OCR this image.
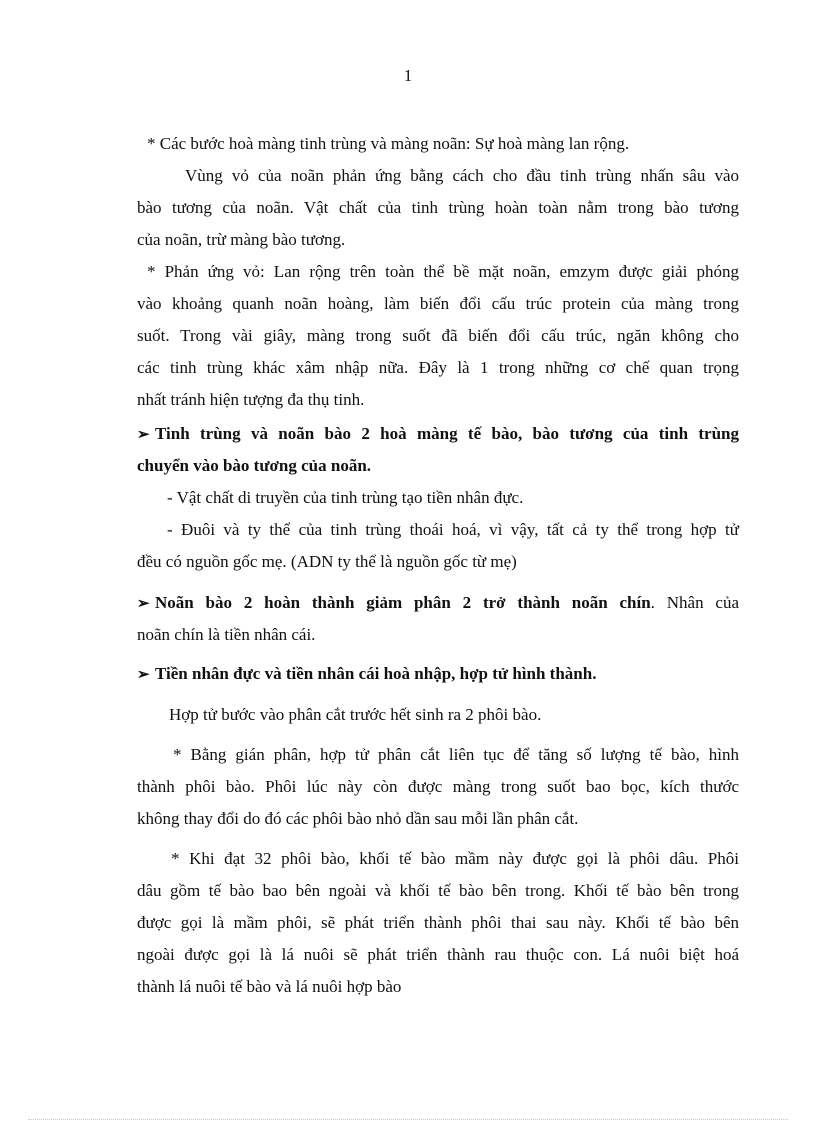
1
* Các bước hoà màng tinh trùng và màng noãn: Sự hoà màng lan rộng.
Vùng vỏ của noãn phản ứng bằng cách cho đầu tinh trùng nhấn sâu vào
bào tương của noãn. Vật chất của tinh trùng hoàn toàn nằm trong bào tương
của noãn, trừ màng bào tương.
* Phản ứng vỏ: Lan rộng trên toàn thể bề mặt noãn, emzym được giải phóng
vào khoảng quanh noãn hoàng, làm biến đổi cấu trúc protein của màng trong
suốt. Trong vài giây, màng trong suốt đã biến đổi cấu trúc, ngăn không cho
các tinh trùng khác xâm nhập nữa. Đây là 1 trong những cơ chế quan trọng
nhất tránh hiện tượng đa thụ tinh.
➢ Tinh trùng và noãn bào 2 hoà màng tế bào, bào tương của tinh trùng
chuyển vào bào tương của noãn.
- Vật chất di truyền của tinh trùng tạo tiền nhân đực.
- Đuôi và ty thể của tinh trùng thoái hoá, vì vậy, tất cả ty thể trong hợp tử
đều có nguồn gốc mẹ. (ADN ty thể là nguồn gốc từ mẹ)
➢ Noãn bào 2 hoàn thành giảm phân 2 trở thành noãn chín. Nhân của
noãn chín là tiền nhân cái.
➢ Tiền nhân đực và tiền nhân cái hoà nhập, hợp tử hình thành.
Hợp tử bước vào phân cắt trước hết sinh ra 2 phôi bào.
* Bằng gián phân, hợp tử phân cắt liên tục để tăng số lượng tế bào, hình
thành phôi bào. Phôi lúc này còn được màng trong suốt bao bọc, kích thước
không thay đổi do đó các phôi bào nhỏ dần sau mỗi lần phân cắt.
* Khi đạt 32 phôi bào, khối tế bào mầm này được gọi là phôi dâu. Phôi
dâu gồm tế bào bao bên ngoài và khối tế bào bên trong. Khối tế bào bên trong
được gọi là mầm phôi, sẽ phát triển thành phôi thai sau này. Khối tế bào bên
ngoài được gọi là lá nuôi sẽ phát triển thành rau thuộc con. Lá nuôi biệt hoá
thành lá nuôi tế bào và lá nuôi hợp bào
